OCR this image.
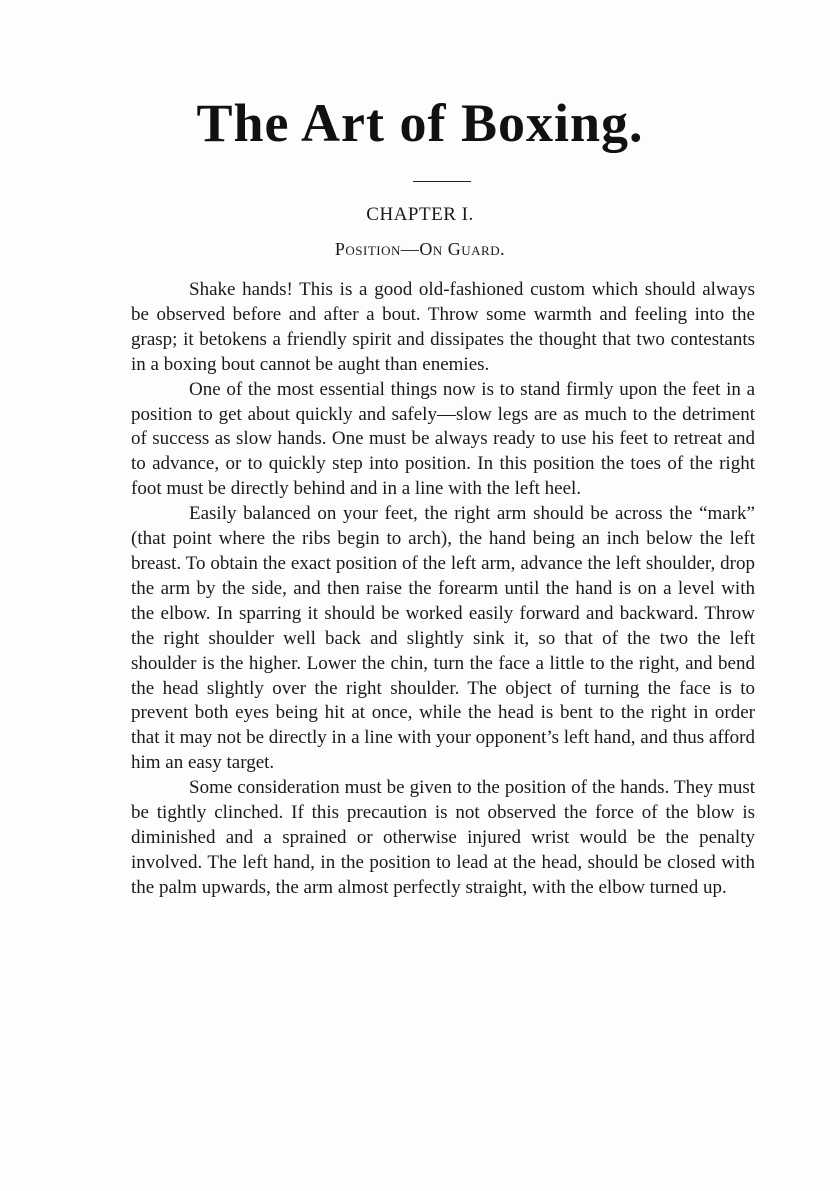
The Art of Boxing.
CHAPTER I.
Position—On Guard.

Shake hands! This is a good old-fashioned custom which should always be observed before and after a bout. Throw some warmth and feeling into the grasp; it betokens a friendly spirit and dissipates the thought that two contestants in a boxing bout cannot be aught than enemies.

One of the most essential things now is to stand firmly upon the feet in a position to get about quickly and safely—slow legs are as much to the detriment of success as slow hands. One must be always ready to use his feet to retreat and to advance, or to quickly step into position. In this position the toes of the right foot must be directly behind and in a line with the left heel.

Easily balanced on your feet, the right arm should be across the “mark” (that point where the ribs begin to arch), the hand being an inch below the left breast. To obtain the exact position of the left arm, advance the left shoulder, drop the arm by the side, and then raise the forearm until the hand is on a level with the elbow. In sparring it should be worked easily forward and backward. Throw the right shoulder well back and slightly sink it, so that of the two the left shoulder is the higher. Lower the chin, turn the face a little to the right, and bend the head slightly over the right shoulder. The object of turning the face is to prevent both eyes being hit at once, while the head is bent to the right in order that it may not be directly in a line with your opponent’s left hand, and thus afford him an easy target.

Some consideration must be given to the position of the hands. They must be tightly clinched. If this precaution is not observed the force of the blow is diminished and a sprained or otherwise injured wrist would be the penalty involved. The left hand, in the position to lead at the head, should be closed with the palm upwards, the arm almost perfectly straight, with the elbow turned up.
